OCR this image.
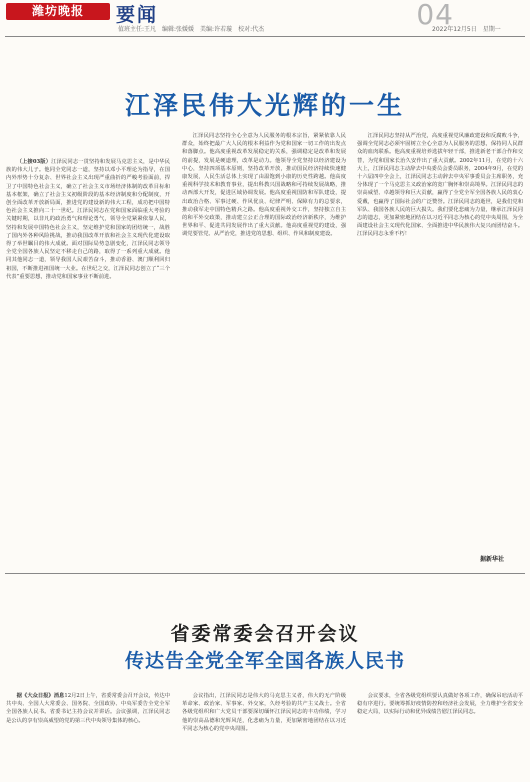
潍坊晚报	要闻	04
值班主任:王凡　编辑:张媛媛　美编:许若璇　校对:代杰	2022年12月5日　星期一
江泽民伟大光辉的一生

（上接03版）江泽民同志一贯坚持和发展马克思主义，是中华民族的伟大儿子。他同全党同志一道，坚持以邓小平理论为指导，在国内外形势十分复杂、世界社会主义出现严重曲折的严峻考验面前，捍卫了中国特色社会主义，确立了社会主义市场经济体制的改革目标和基本框架，确立了社会主义初级阶段的基本经济制度和分配制度，开创全面改革开放新局面，推进党的建设新的伟大工程，成功把中国特色社会主义推向二十一世纪。江泽民同志在党和国家面临重大考验的关键时期，以非凡的政治勇气和理论勇气，领导全党紧紧依靠人民，坚持和发展中国特色社会主义，坚定维护党和国家的团结统一，战胜了国内外各种风险挑战，推动我国改革开放和社会主义现代化建设取得了举世瞩目的伟大成就。面对国际局势急剧变化，江泽民同志领导全党全国各族人民坚定不移走自己的路，取得了一系列重大成就。他同其他同志一道，领导我国人民艰苦奋斗，推动香港、澳门顺利回归祖国，不断推进祖国统一大业。在世纪之交，江泽民同志创立了“三个代表”重要思想，推动党和国家事业不断前进。

江泽民同志坚持全心全意为人民服务的根本宗旨，紧紧依靠人民群众，始终把最广大人民的根本利益作为党和国家一切工作的出发点和落脚点。他高度重视改革发展稳定的关系，强调稳定是改革和发展的前提，发展是硬道理，改革是动力。他领导全党坚持以经济建设为中心，坚持四项基本原则，坚持改革开放，推动国民经济持续快速健康发展，人民生活总体上实现了由温饱到小康的历史性跨越。他高度重视科学技术和教育事业，提出科教兴国战略和可持续发展战略，推动西部大开发，促进区域协调发展。他高度重视国防和军队建设，提出政治合格、军事过硬、作风优良、纪律严明、保障有力的总要求，推动我军走中国特色精兵之路。他高度重视外交工作，坚持独立自主的和平外交政策，推动建立公正合理的国际政治经济新秩序，为维护世界和平、促进共同发展作出了重大贡献。他高度重视党的建设，强调党要管党、从严治党，推进党的思想、组织、作风和制度建设。

江泽民同志坚持从严治党，高度重视党风廉政建设和反腐败斗争，强调全党同志必须牢固树立全心全意为人民服务的思想，保持同人民群众的血肉联系。他高度重视培养选拔年轻干部，推进新老干部合作和交替，为党和国家长治久安作出了重大贡献。2002年11月，在党的十六大上，江泽民同志主动辞去中央委员会委员职务，2004年9月，在党的十六届四中全会上，江泽民同志主动辞去中央军事委员会主席职务，充分体现了一个马克思主义政治家的宽广胸怀和崇高境界。江泽民同志的崇高威望、卓越领导和巨大贡献，赢得了全党全军全国各族人民的衷心爱戴，也赢得了国际社会的广泛赞誉。江泽民同志的逝世，是我们党和军队、我国各族人民的巨大损失。我们要化悲痛为力量，继承江泽民同志的遗志，更加紧密地团结在以习近平同志为核心的党中央周围，为全面建设社会主义现代化国家、全面推进中华民族伟大复兴而团结奋斗。江泽民同志永垂不朽！

据新华社
省委常委会召开会议
传达告全党全军全国各族人民书

据《大众日报》消息12月2日上午，省委常委会召开会议，传达中共中央、全国人大常委会、国务院、全国政协、中央军委告全党全军全国各族人民书。省委书记主持会议并讲话。会议强调，江泽民同志是公认的享有崇高威望的党的第三代中央领导集体的核心。

会议指出，江泽民同志是伟大的马克思主义者，伟大的无产阶级革命家、政治家、军事家、外交家，久经考验的共产主义战士。全省各级党组织和广大党员干部要深切缅怀江泽民同志的丰功伟绩，学习他的崇高品德和光辉风范，化悲痛为力量，更加紧密地团结在以习近平同志为核心的党中央周围。

会议要求，全省各级党组织要认真做好各项工作，确保吊唁活动平稳有序进行。要统筹抓好疫情防控和经济社会发展，全力维护全省安全稳定大局，以实际行动和优异成绩告慰江泽民同志。
